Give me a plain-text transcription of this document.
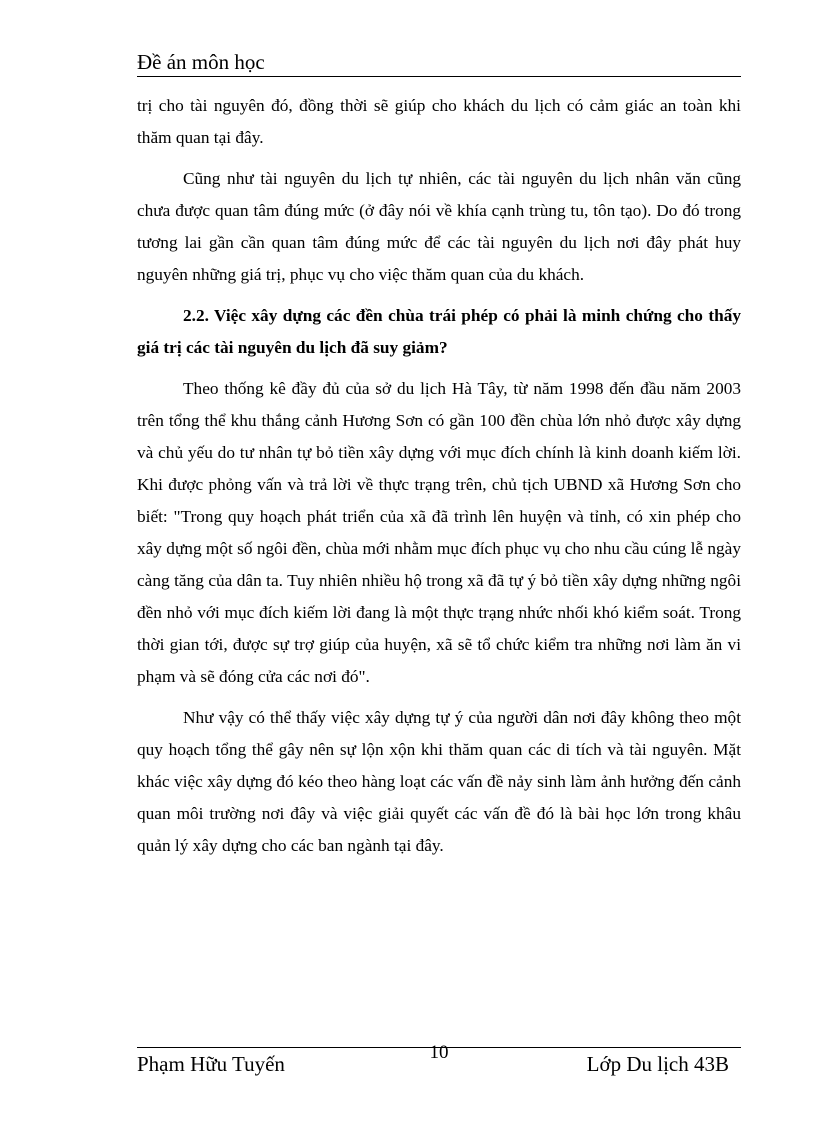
Đề án môn học

trị cho tài nguyên đó, đồng thời sẽ giúp cho khách du lịch có cảm giác an toàn khi thăm quan tại đây.

Cũng như tài nguyên du lịch tự nhiên, các tài nguyên du lịch nhân văn cũng chưa được quan tâm đúng mức (ở đây nói về khía cạnh trùng tu, tôn tạo). Do đó trong tương lai gần cần quan tâm đúng mức để các tài nguyên du lịch nơi đây phát huy nguyên những giá trị, phục vụ cho việc thăm quan của du khách.

2.2. Việc xây dựng các đền chùa trái phép có phải là minh chứng cho thấy giá trị các tài nguyên du lịch đã suy giảm?

Theo thống kê đầy đủ của sở du lịch Hà Tây, từ năm 1998 đến đầu năm 2003 trên tổng thể khu thắng cảnh Hương Sơn có gần 100 đền chùa lớn nhỏ được xây dựng và chủ yếu do tư nhân tự bỏ tiền xây dựng với mục đích chính là kinh doanh kiếm lời. Khi được phỏng vấn và trả lời về thực trạng trên, chủ tịch UBND xã Hương Sơn cho biết: "Trong quy hoạch phát triển của xã đã trình lên huyện và tỉnh, có xin phép cho xây dựng một số ngôi đền, chùa mới nhằm mục đích phục vụ cho nhu cầu cúng lễ ngày càng tăng của dân ta. Tuy nhiên nhiều hộ trong xã đã tự ý bỏ tiền xây dựng những ngôi đền nhỏ với mục đích kiếm lời đang là một thực trạng nhức nhối khó kiểm soát. Trong thời gian tới, được sự trợ giúp của huyện, xã sẽ tổ chức kiểm tra những nơi làm ăn vi phạm và sẽ đóng cửa các nơi đó".

Như vậy có thể thấy việc xây dựng tự ý của người dân nơi đây không theo một quy hoạch tổng thể gây nên sự lộn xộn khi thăm quan các di tích và tài nguyên. Mặt khác việc xây dựng đó kéo theo hàng loạt các vấn đề nảy sinh làm ảnh hưởng đến cảnh quan môi trường nơi đây và việc giải quyết các vấn đề đó là bài học lớn trong khâu quản lý xây dựng cho các ban ngành tại đây.

Phạm Hữu Tuyến	10	Lớp Du lịch 43B
